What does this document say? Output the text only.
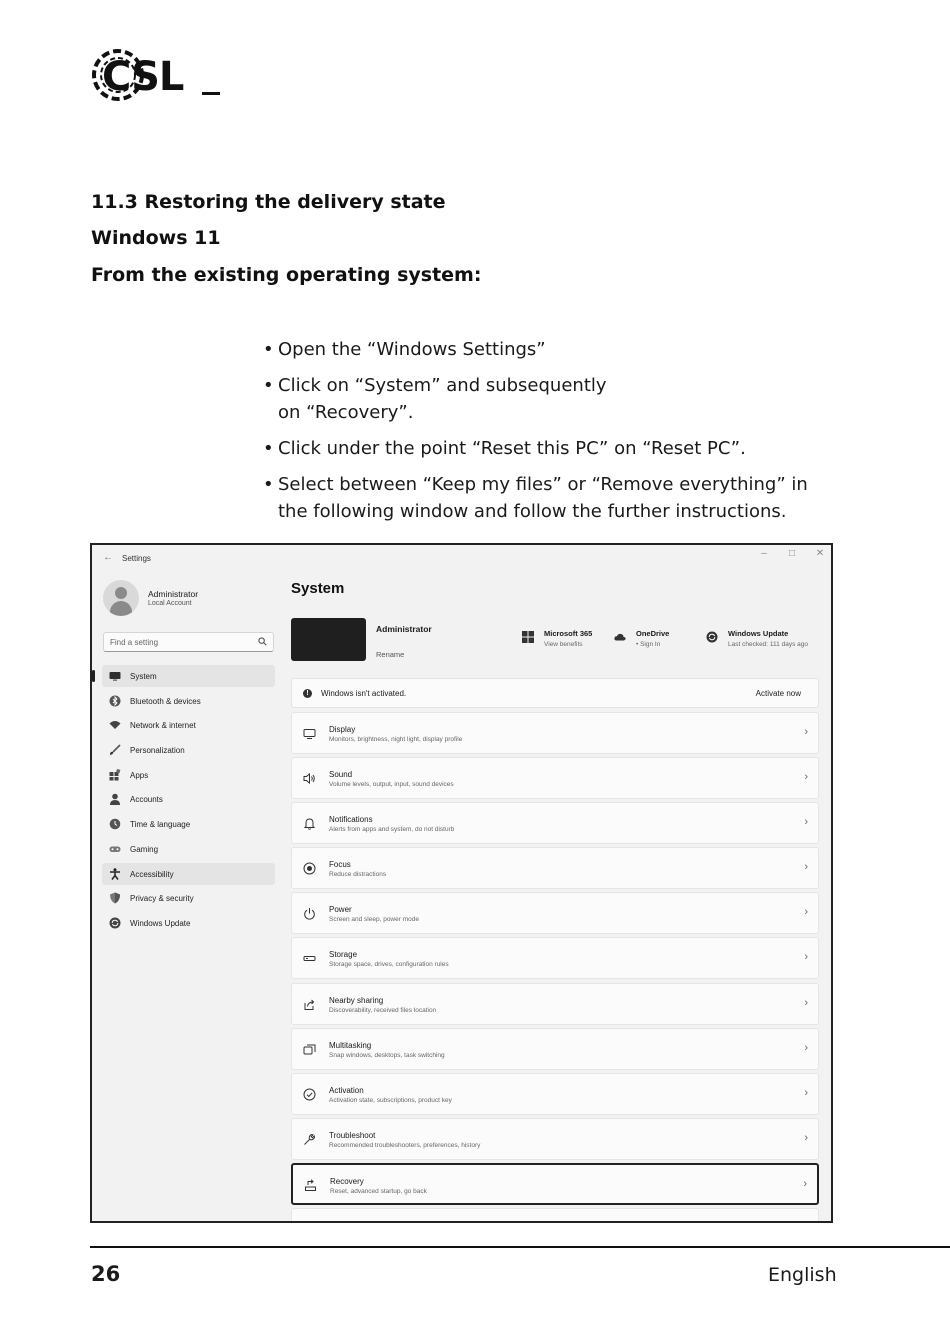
CSL
11.3 Restoring the delivery state
Windows 11
From the existing operating system:
• Open the “Windows Settings”
• Click on “System” and subsequently on “Recovery”.
• Click under the point “Reset this PC” on “Reset PC”.
• Select between “Keep my files” or “Remove everything” in the following window and follow the further instructions.
← Settings	–	□	✕
Administrator
Local Account
Find a setting
System
Bluetooth & devices
Network & internet
Personalization
Apps
Accounts
Time & language
Gaming
Accessibility
Privacy & security
Windows Update
System
Administrator
Rename
Microsoft 365
View benefits
OneDrive
• Sign In
Windows Update
Last checked: 111 days ago
!	Windows isn't activated.	Activate now
Display
Monitors, brightness, night light, display profile
›
Sound
Volume levels, output, input, sound devices
›
Notifications
Alerts from apps and system, do not disturb
›
Focus
Reduce distractions
›
Power
Screen and sleep, power mode
›
Storage
Storage space, drives, configuration rules
›
Nearby sharing
Discoverability, received files location
›
Multitasking
Snap windows, desktops, task switching
›
Activation
Activation state, subscriptions, product key
›
Troubleshoot
Recommended troubleshooters, preferences, history
›
Recovery
Reset, advanced startup, go back
›
26	English
